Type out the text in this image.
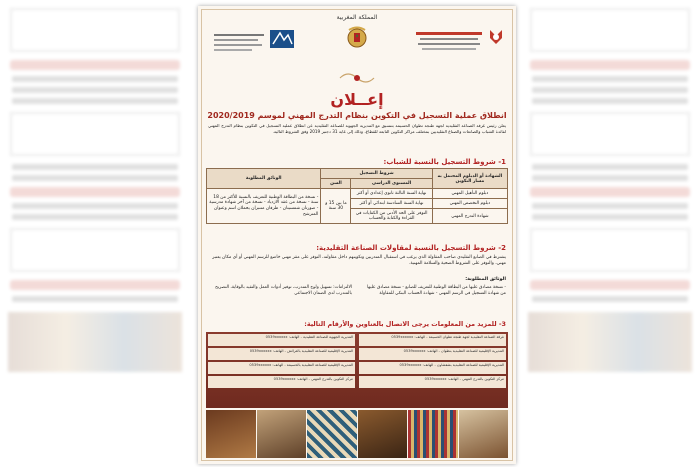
المملكة المغربية
إعــلان
انطلاق عملية التسجيل في التكوين بنظام التدرج المهني لموسم 2020/2019
يعلن رئيس غرفة الصناعة التقليدية لجهة طنجة تطوان الحسيمة بتنسيق مع المديرية الجهوية للصناعة التقليدية عن انطلاق عملية التسجيل في التكوين بنظام التدرج المهني لفائدة الشباب والصانعات والصناع التقليديين بمختلف مراكز التكوين التابعة للقطاع، وذلك إلى غاية 31 دجنبر 2019 وفق الشروط التالية.
1- شروط التسجيل بالنسبة للشباب:
الشهادة أو الدبلوم المحتمل به مسار التكوين	شروط التسجيل		الوثائق المطلوبة
	المستوى الدراسي	السن	
دبلوم التأهيل المهني	نهاية السنة الثالثة ثانوي إعدادي أو أكثر	ما بين 15 و 30 سنة	- نسخة من البطاقة الوطنية للتعريف بالنسبة للأكثر من 18 سنة - نسخة من عقد الازدياد - نسخة من آخر شهادة مدرسية - صورتان شمسيتان - ظرفان متنبران يحملان اسم وعنوان المترشح
دبلوم التخصص المهني	نهاية السنة السادسة ابتدائي أو أكثر		
شهادة التدرج المهني	التوفر على الحد الأدنى من الكفايات في القراءة والكتابة والحساب		
2- شروط التسجيل بالنسبة لمقاولات الصناعة التقليدية:
يشترط في الصانع التقليدي صاحب المقاولة الذي يرغب في استقبال المتدربين وتكوينهم داخل مقاولته، التوفر على مقر مهني خاضع للرسم المهني أو أي مكان يعتبر مهني، والتوفر على الشروط الصحية والسلامة المهنية.
الوثائق المطلوبة:
- نسخة مصادق عليها من البطاقة الوطنية للتعريف للصانع - نسخة مصادق عليها من شهادة التسجيل في الرسم المهني - شهادة الحساب البنكي للمقاولة
الالتزامات: تسهيل ولوج المتدرب، توفير أدوات العمل والتقيد بالوقاية، التصريح بالمتدرب لدى الضمان الاجتماعي
3- للمزيد من المعلومات يرجى الاتصال بالعناوين والأرقام التالية:
غرفة الصناعة التقليدية لجهة طنجة تطوان الحسيمة - الهاتف: 0539xxxxxx
المديرية الجهوية للصناعة التقليدية - الهاتف: 0539xxxxxx
المديرية الإقليمية للصناعة التقليدية بتطوان - الهاتف: 0539xxxxxx
المديرية الإقليمية للصناعة التقليدية بالعرائش - الهاتف: 0539xxxxxx
المديرية الإقليمية للصناعة التقليدية بشفشاون - الهاتف: 0539xxxxxx
المديرية الإقليمية للصناعة التقليدية بالحسيمة - الهاتف: 0539xxxxxx
مركز التكوين بالتدرج المهني - الهاتف: 0539xxxxxx
مركز التكوين بالتدرج المهني - الهاتف: 0539xxxxxx
